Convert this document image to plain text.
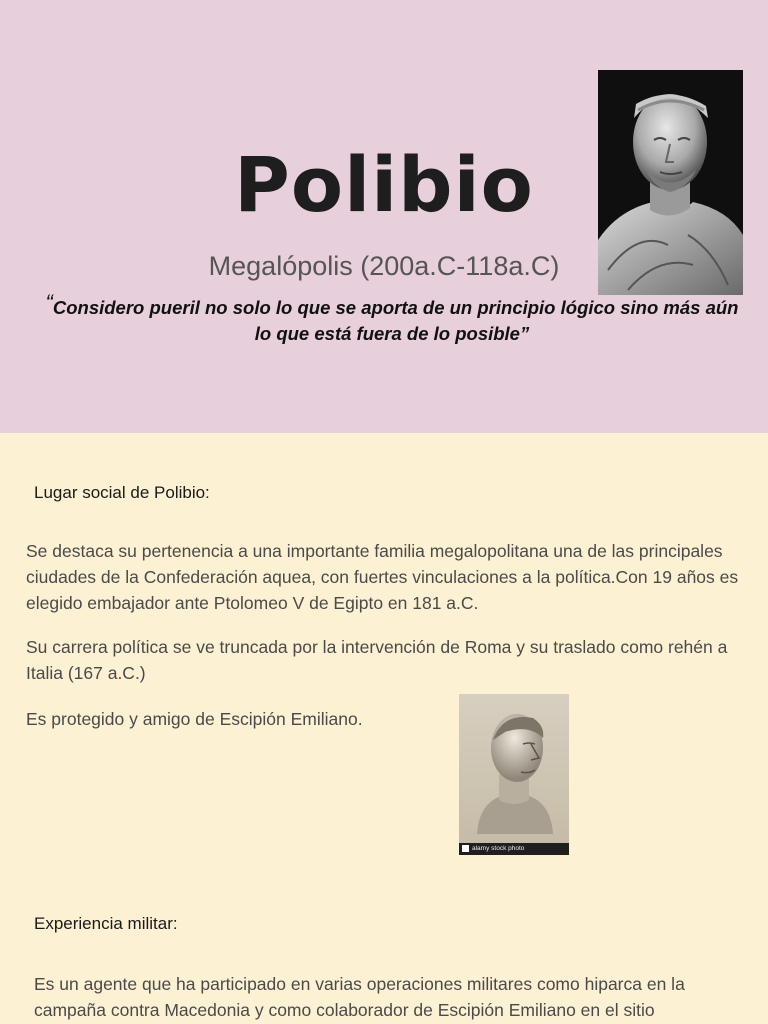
Polibio
Megalópolis (200a.C-118a.C)
“Considero pueril no solo lo que se aporta de un principio lógico sino más aún lo que está fuera de lo posible”
Lugar social de Polibio:
Se destaca su pertenencia a una importante familia megalopolitana una de las principales ciudades de la Confederación aquea, con fuertes vinculaciones a la política.Con 19 años es elegido embajador ante Ptolomeo V de Egipto en 181 a.C.
Su carrera política se ve truncada por la intervención de Roma y su traslado como rehén a Italia (167 a.C.)
Es protegido y amigo de Escipión Emiliano.
alamy stock photo
Experiencia militar:
Es un agente que ha participado en varias operaciones militares como hiparca en la campaña contra Macedonia y como colaborador de Escipión Emiliano en el sitio
